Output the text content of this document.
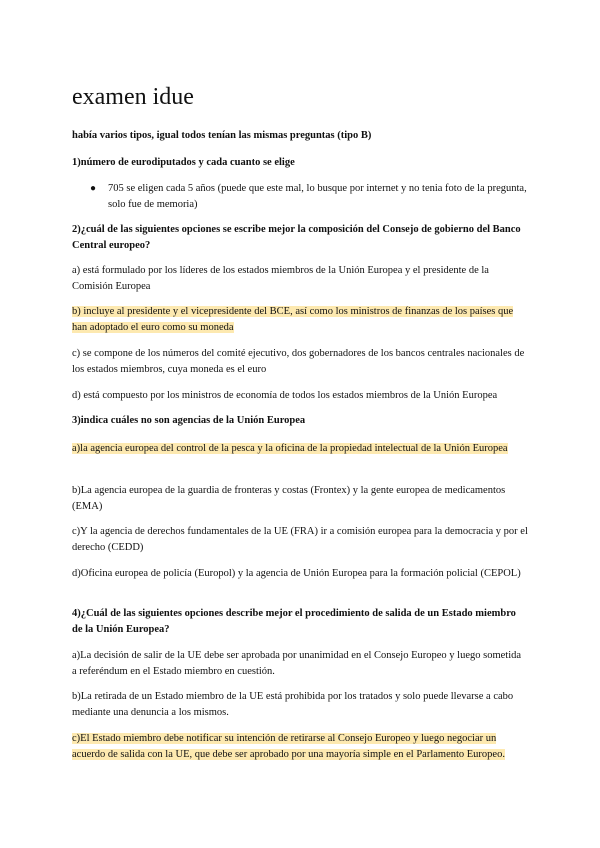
examen idue

había varios tipos, igual todos tenían las mismas preguntas (tipo B)

1)número de eurodiputados y cada cuanto se elige

● 705 se eligen cada 5 años (puede que este mal, lo busque por internet y no tenia foto de la pregunta, solo fue de memoria)

2)¿cuál de las siguientes opciones se escribe mejor la composición del Consejo de gobierno del Banco Central europeo?

a) está formulado por los líderes de los estados miembros de la Unión Europea y el presidente de la Comisión Europea

b) incluye al presidente y el vicepresidente del BCE, así como los ministros de finanzas de los países que han adoptado el euro como su moneda

c) se compone de los números del comité ejecutivo, dos gobernadores de los bancos centrales nacionales de los estados miembros, cuya moneda es el euro

d) está compuesto por los ministros de economía de todos los estados miembros de la Unión Europea

3)indica cuáles no son agencias de la Unión Europea

a)la agencia europea del control de la pesca y la oficina de la propiedad intelectual de la Unión Europea

b)La agencia europea de la guardia de fronteras y costas (Frontex) y la gente europea de medicamentos (EMA)

c)Y la agencia de derechos fundamentales de la UE (FRA) ir a comisión europea para la democracia y por el derecho (CEDD)

d)Oficina europea de policía (Europol) y la agencia de Unión Europea para la formación policial (CEPOL)

4)¿Cuál de las siguientes opciones describe mejor el procedimiento de salida de un Estado miembro de la Unión Europea?

a)La decisión de salir de la UE debe ser aprobada por unanimidad en el Consejo Europeo y luego sometida a referéndum en el Estado miembro en cuestión.

b)La retirada de un Estado miembro de la UE está prohibida por los tratados y solo puede llevarse a cabo mediante una denuncia a los mismos.

c)El Estado miembro debe notificar su intención de retirarse al Consejo Europeo y luego negociar un acuerdo de salida con la UE, que debe ser aprobado por una mayoría simple en el Parlamento Europeo.
